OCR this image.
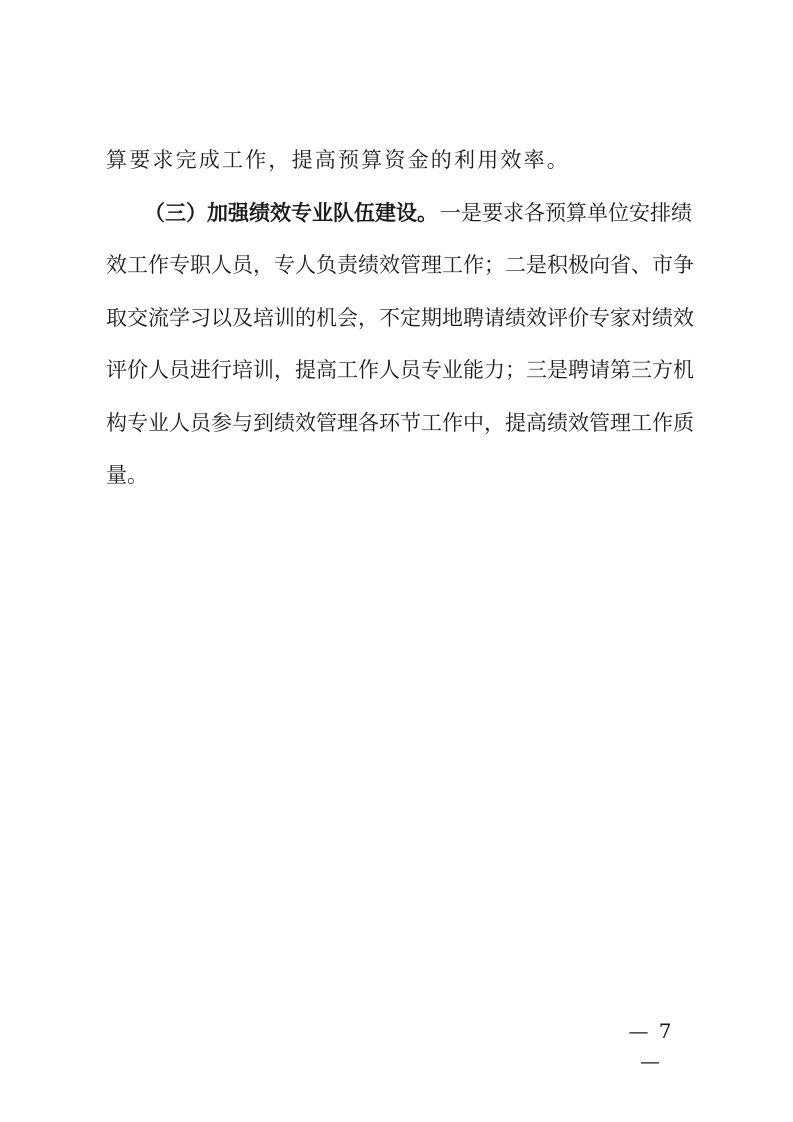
算要求完成工作，提高预算资金的利用效率。
（三）加强绩效专业队伍建设。 一是要求各预算单位安排绩
效工作专职人员，专人负责绩效管理工作；二是积极向省、市争
取交流学习以及培训的机会，不定期地聘请绩效评价专家对绩效
评价人员进行培训，提高工作人员专业能力；三是聘请第三方机
构专业人员参与到绩效管理各环节工作中，提高绩效管理工作质
量。
— 7 —
